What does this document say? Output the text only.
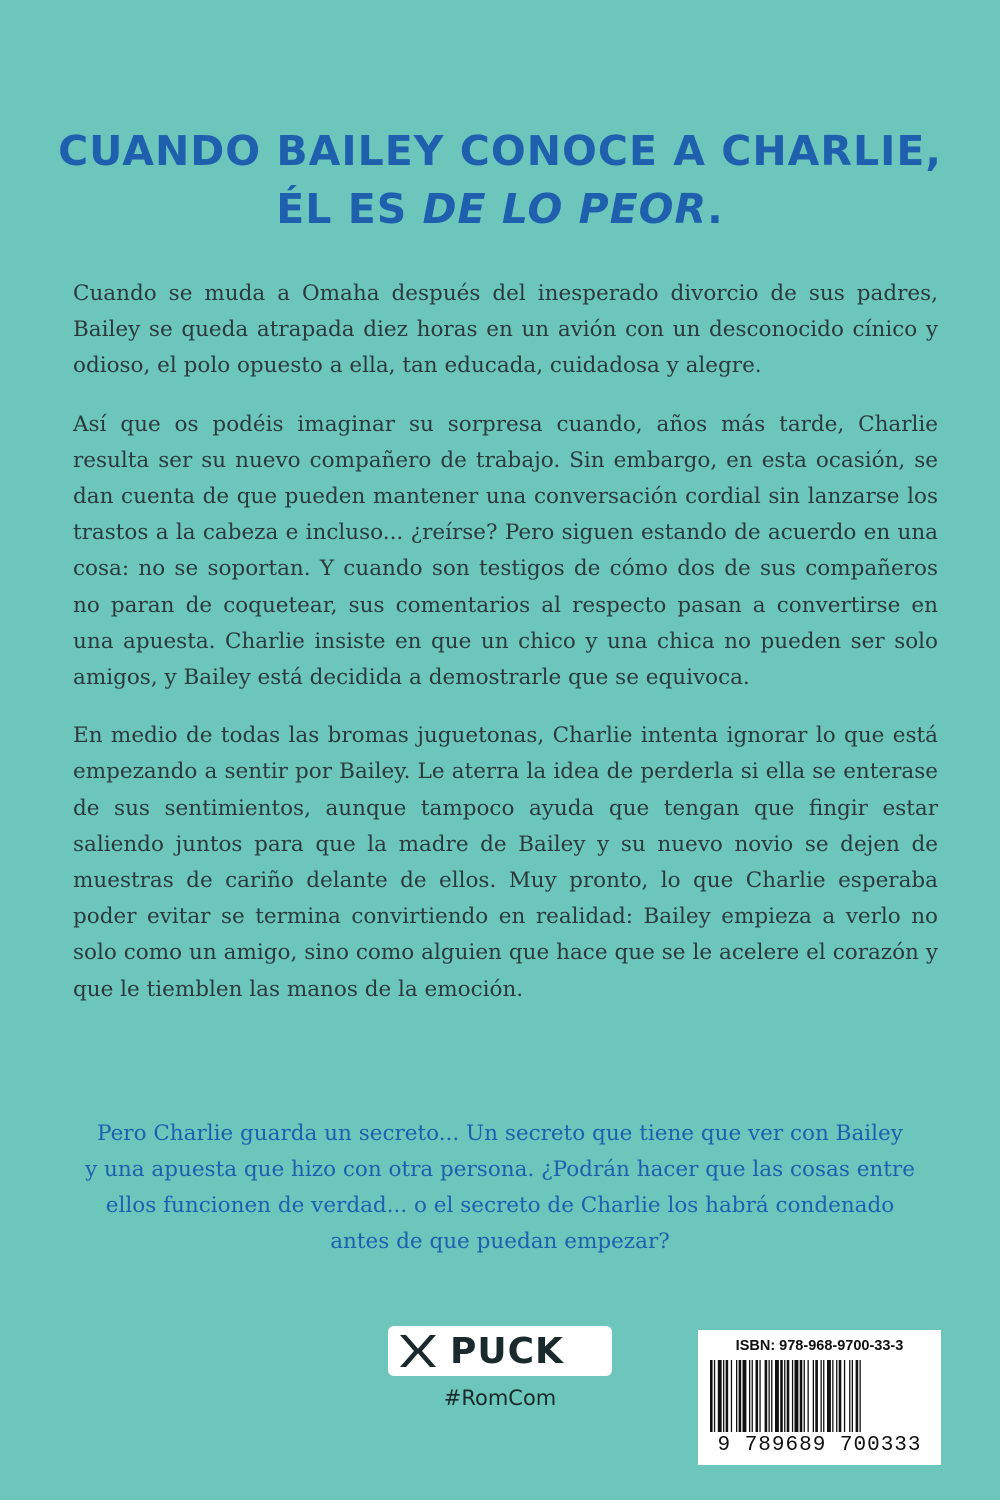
CUANDO BAILEY CONOCE A CHARLIE,
ÉL ES DE LO PEOR.

Cuando se muda a Omaha después del inesperado divorcio de sus padres, Bailey se queda atrapada diez horas en un avión con un desconocido cínico y odioso, el polo opuesto a ella, tan educada, cuidadosa y alegre.

Así que os podéis imaginar su sorpresa cuando, años más tarde, Charlie resulta ser su nuevo compañero de trabajo. Sin embargo, en esta ocasión, se dan cuenta de que pueden mantener una conversación cordial sin lanzarse los trastos a la cabeza e incluso... ¿reírse? Pero siguen estando de acuerdo en una cosa: no se soportan. Y cuando son testigos de cómo dos de sus compañeros no paran de coquetear, sus comentarios al respecto pasan a convertirse en una apuesta. Charlie insiste en que un chico y una chica no pueden ser solo amigos, y Bailey está decidida a demostrarle que se equivoca.

En medio de todas las bromas juguetonas, Charlie intenta ignorar lo que está empezando a sentir por Bailey. Le aterra la idea de perderla si ella se enterase de sus sentimientos, aunque tampoco ayuda que tengan que fingir estar saliendo juntos para que la madre de Bailey y su nuevo novio se dejen de muestras de cariño delante de ellos. Muy pronto, lo que Charlie esperaba poder evitar se termina convirtiendo en realidad: Bailey empieza a verlo no solo como un amigo, sino como alguien que hace que se le acelere el corazón y que le tiemblen las manos de la emoción.

Pero Charlie guarda un secreto... Un secreto que tiene que ver con Bailey
y una apuesta que hizo con otra persona. ¿Podrán hacer que las cosas entre
ellos funcionen de verdad... o el secreto de Charlie los habrá condenado
antes de que puedan empezar?
PUCK
#RomCom
ISBN: 978-968-9700-33-3
9 789689 700333
